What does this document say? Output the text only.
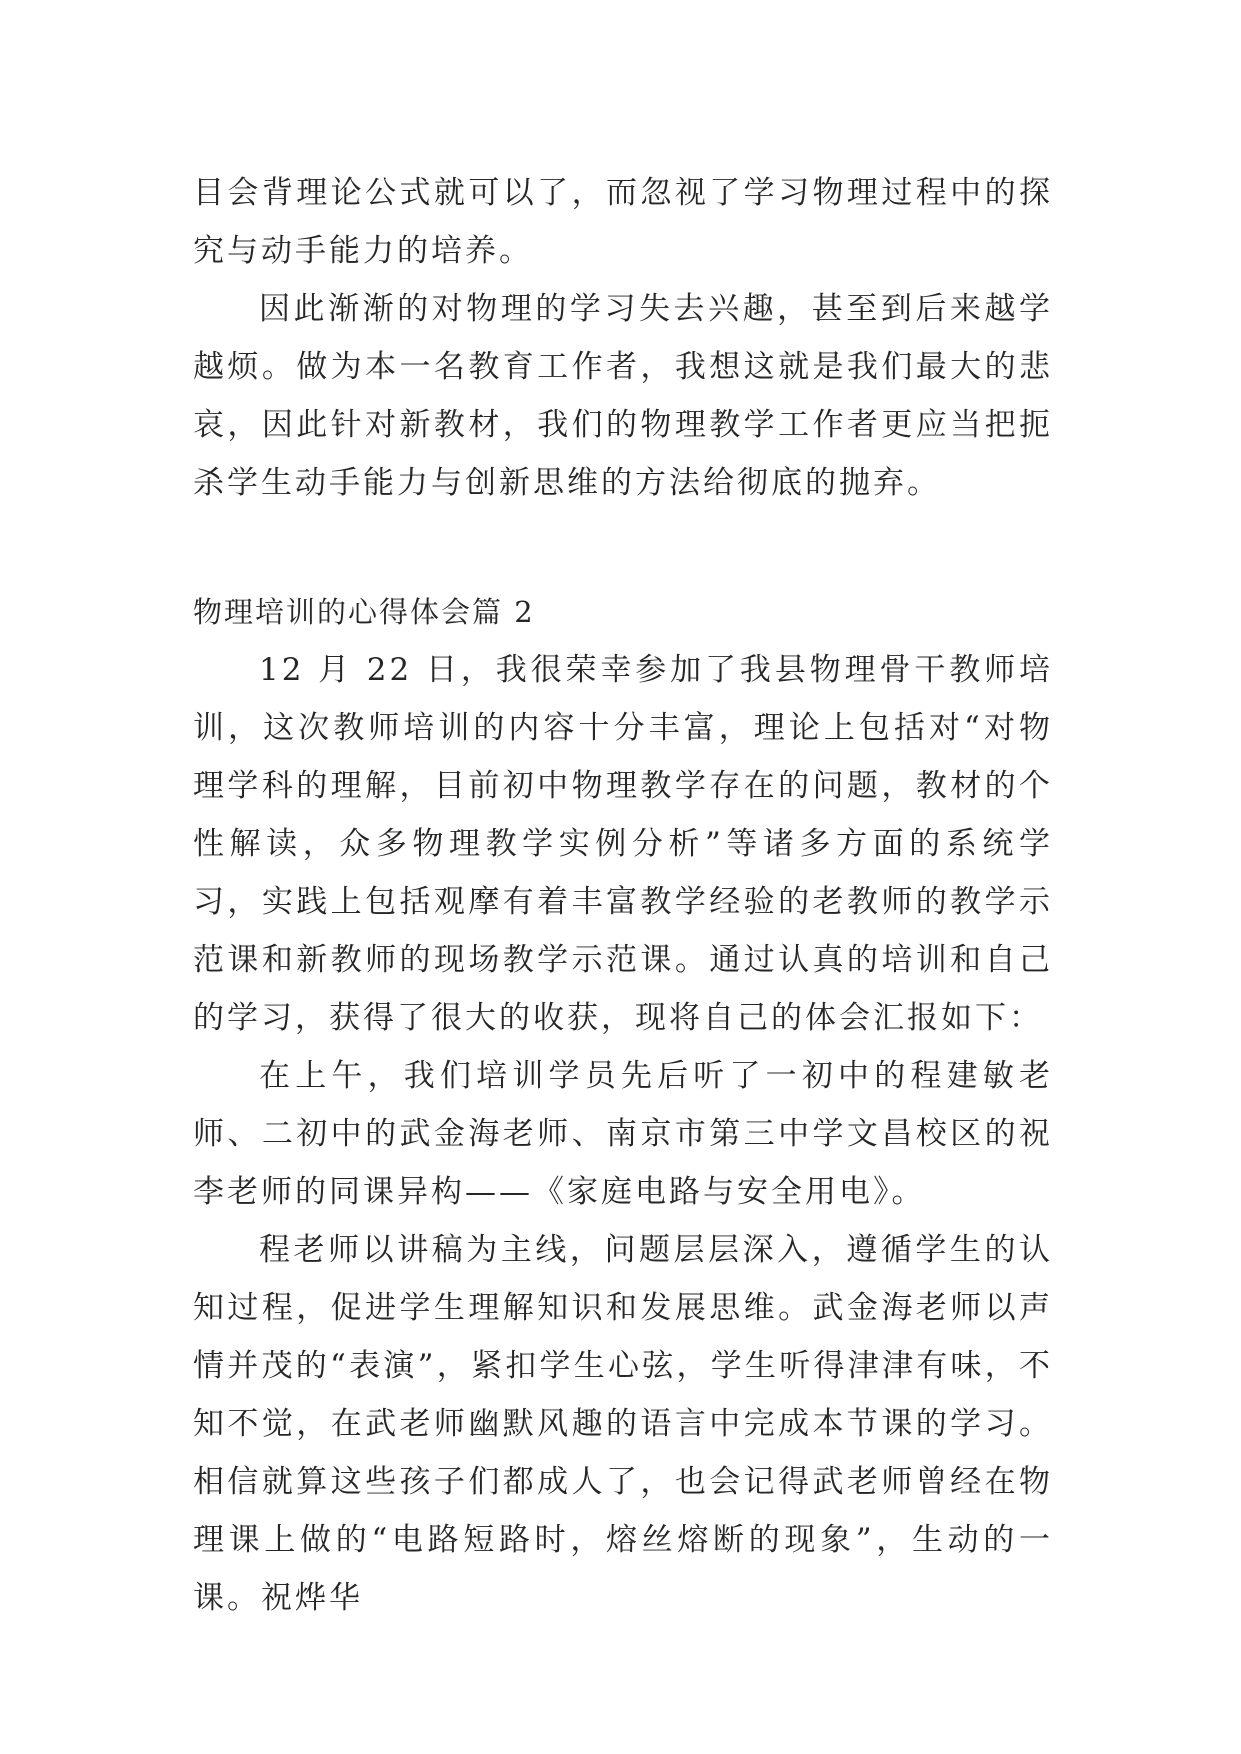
目会背理论公式就可以了，而忽视了学习物理过程中的探究与动手能力的培养。

因此渐渐的对物理的学习失去兴趣，甚至到后来越学越烦。做为本一名教育工作者，我想这就是我们最大的悲哀，因此针对新教材，我们的物理教学工作者更应当把扼杀学生动手能力与创新思维的方法给彻底的抛弃。

物理培训的心得体会篇 2

12 月 22 日，我很荣幸参加了我县物理骨干教师培训，这次教师培训的内容十分丰富，理论上包括对“对物理学科的理解，目前初中物理教学存在的问题，教材的个性解读，众多物理教学实例分析”等诸多方面的系统学习，实践上包括观摩有着丰富教学经验的老教师的教学示范课和新教师的现场教学示范课。通过认真的培训和自己的学习，获得了很大的收获，现将自己的体会汇报如下：

在上午，我们培训学员先后听了一初中的程建敏老师、二初中的武金海老师、南京市第三中学文昌校区的祝李老师的同课异构——《家庭电路与安全用电》。

程老师以讲稿为主线，问题层层深入，遵循学生的认知过程，促进学生理解知识和发展思维。武金海老师以声情并茂的“表演”，紧扣学生心弦，学生听得津津有味，不知不觉，在武老师幽默风趣的语言中完成本节课的学习。相信就算这些孩子们都成人了，也会记得武老师曾经在物理课上做的“电路短路时，熔丝熔断的现象”，生动的一课。祝烨华
